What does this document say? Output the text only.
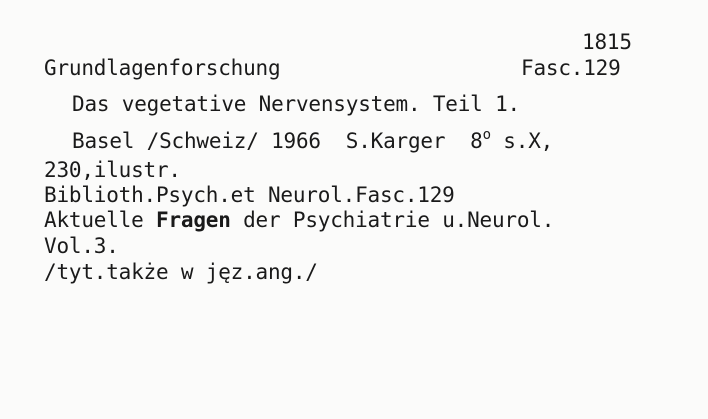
1815
Grundlagenforschung	Fasc.129
Das vegetative Nervensystem. Teil 1.
Basel /Schweiz/ 1966  S.Karger  8$^o$ s.X,
230,ilustr.
Biblioth.Psych.et Neurol.Fasc.129
Aktuelle Fragen der Psychiatrie u.Neurol.
Vol.3.
/tyt.także w jęz.ang./
